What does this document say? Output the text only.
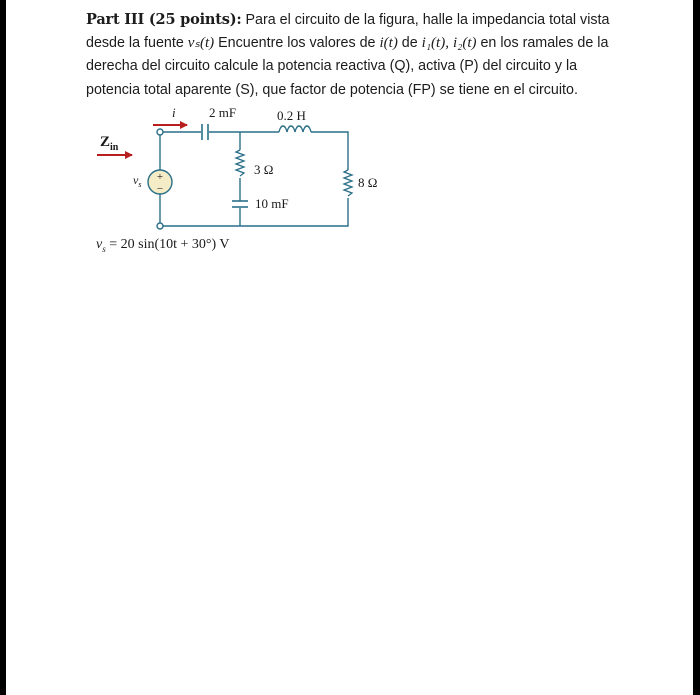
Part III (25 points): Para el circuito de la figura, halle la impedancia total vista desde la fuente vₛ(t) Encuentre los valores de i(t) de i₁(t), i₂(t) en los ramales de la derecha del circuito calcule la potencia reactiva (Q), activa (P) del circuito y la potencia total aparente (S), que factor de potencia (FP) se tiene en el circuito.

+
−
$Z_{in}$
i	2 mF	0.2 H
3 Ω
10 mF
8 Ω
$v_s$
$v_s = 20$ sin(10t + 30°) V
